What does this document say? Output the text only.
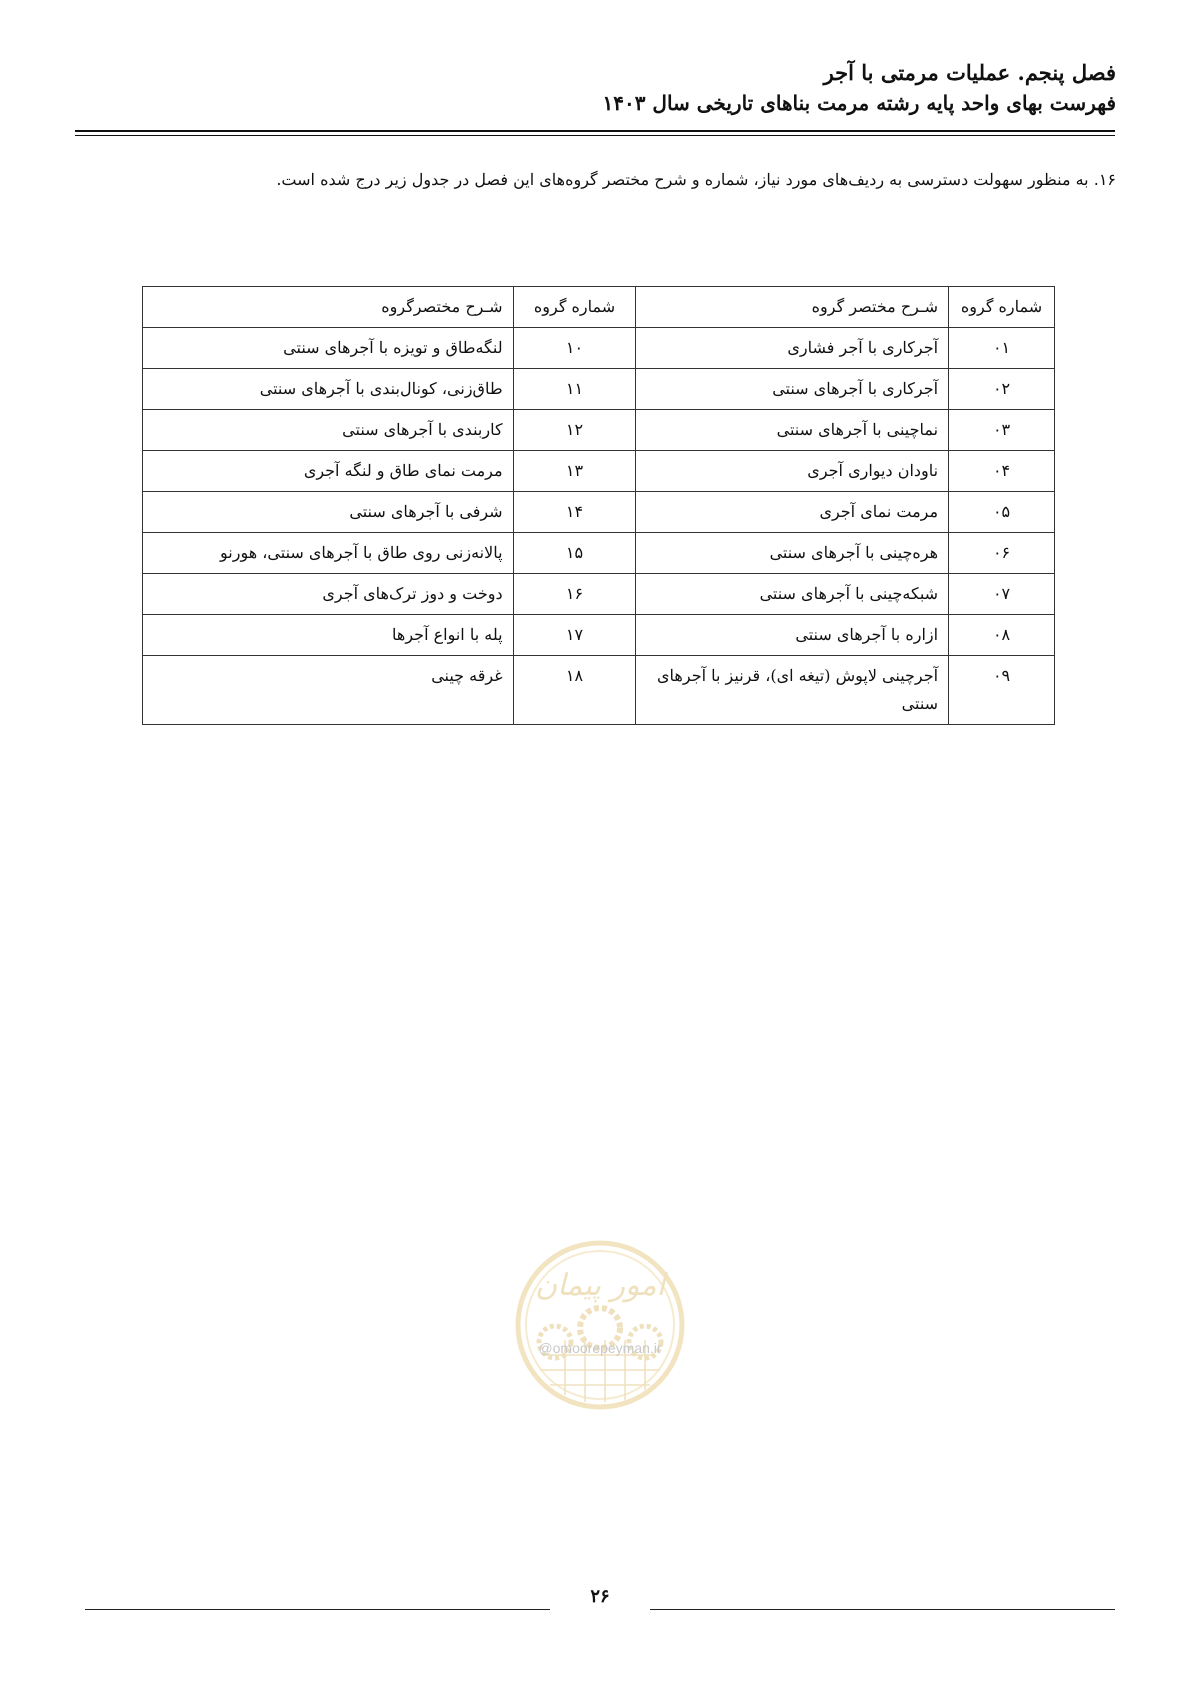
فصل پنجم. عملیات مرمتی با آجر
فهرست بهای واحد پایه رشته مرمت بناهای تاریخی سال ۱۴۰۳
۱۶. به منظور سهولت دسترسی به ردیف‌های مورد نیاز، شماره و شرح مختصر گروه‌های این فصل در جدول زیر درج شده است.
شماره گروه	شـرح مختصر گروه	شماره گروه	شـرح مختصرگروه
۰۱	آجرکاری با آجر فشاری	۱۰	لنگه‌طاق و تویزه با آجرهای سنتی
۰۲	آجرکاری با آجرهای سنتی	۱۱	طاق‌زنی، کونال‌بندی با آجرهای سنتی
۰۳	نماچینی با آجرهای سنتی	۱۲	کاربندی با آجرهای سنتی
۰۴	ناودان دیواری آجری	۱۳	مرمت نمای طاق و لنگه آجری
۰۵	مرمت نمای آجری	۱۴	شرفی با آجرهای سنتی
۰۶	هره‌چینی با آجرهای سنتی	۱۵	پالانه‌زنی روی طاق با آجرهای سنتی، هورنو
۰۷	شبکه‌چینی با آجرهای سنتی	۱۶	دوخت و دوز ترک‌های آجری
۰۸	ازاره با آجرهای سنتی	۱۷	پله با انواع آجرها
۰۹	آجرچینی لاپوش (تیغه ای)، قرنیز با آجرهای سنتی	۱۸	غرقه چینی
امور پیمان
@omoorepeyman.ir
۲۶
